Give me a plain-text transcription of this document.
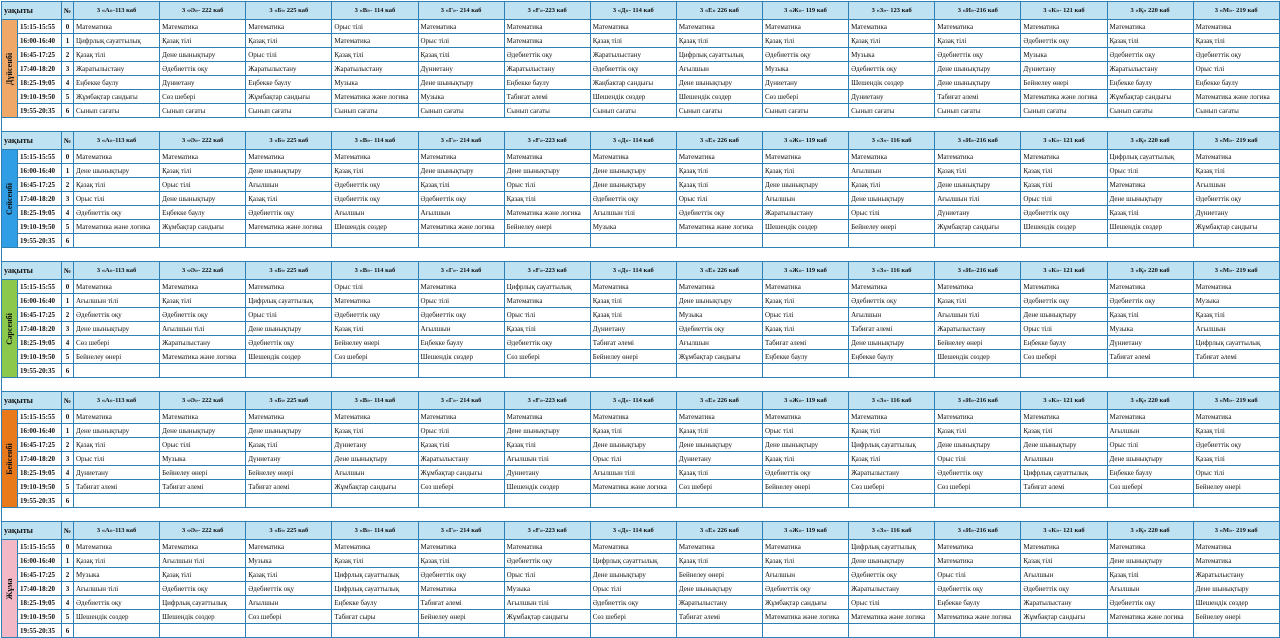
уақыты		№	3 «А»-113 каб	3 «Ә»- 222 каб	3 «Б» 225 каб	3 «В»- 114 каб	3 «Г»- 214 каб	3 «Ғ»-223 каб	3 «Д»- 114 каб	3 «Е» 226 каб	3 «Ж»- 119 каб	3 «З»- 123 каб	3 «И»-216 каб	3 «К»- 121 каб	3 «Қ» 220 каб	3 «М»- 219 каб

Дүйсенбі	15:15-15:55	0	Математика	Математика	Математика	Орыс тілі	Математика	Математика	Математика	Математика	Математика	Математика	Математика	Математика	Математика	Математика
	16:00-16:40	1	Цифрлық сауаттылық	Қазақ тілі	Қазақ тілі	Математика	Орыс тілі	Математика	Қазақ тілі	Қазақ тілі	Қазақ тілі	Қазақ тілі	Қазақ тілі	Әдебиеттік оқу	Қазақ тілі	Қазақ тілі
	16:45-17:25	2	Қазақ тілі	Дене шынықтыру	Орыс тілі	Қазақ тілі	Қазақ тілі	Әдебиеттік оқу	Жаратылыстану	Цифрлық сауаттылық	Әдебиеттік оқу	Музыка	Әдебиеттік оқу	Музыка	Әдебиеттік оқу	Әдебиеттік оқу
	17:40-18:20	3	Жаратылыстану	Әдебиеттік оқу	Жаратылыстану	Жаратылыстану	Дүниетану	Жаратылыстану	Әдебиеттік оқу	Ағылшын	Музыка	Әдебиеттік оқу	Дене шынықтыру	Дүниетану	Жаратылыстану	Орыс тілі
	18:25-19:05	4	Еңбекке баулу	Дүниетану	Еңбекке баулу	Музыка	Дене шынықтыру	Еңбекке баулу	Жаңбактар сандығы	Дене шынықтыру	Дүниетану	Шешендік сөздер	Дене шынықтыру	Бейнелеу өнері	Еңбекке баулу	Еңбекке баулу
	19:10-19:50	5	Жұмбақтар сандығы	Сөз шебері	Жұмбақтар сандығы	Математика және логика	Музыка	Табиғат әлемі	Шешендік сөздер	Шешендік сөздер	Сөз шебері	Дүниетану	Табиғат әлемі	Математика және логика	Жұмбақтар сандығы	Математика және логика
	19:55-20:35	6	Сынып сағаты	Сынып сағаты	Сынып сағаты	Сынып сағаты	Сынып сағаты	Сынып сағаты	Сынып сағаты	Сынып сағаты	Сынып сағаты	Сынып сағаты	Сынып сағаты	Сынып сағаты	Сынып сағаты	Сынып сағаты

уақыты		№	3 «А»-113 каб	3 «Ә»- 222 каб	3 «Б» 225 каб	3 «В»- 114 каб	3 «Г»- 214 каб	3 «Ғ»-223 каб	3 «Д»- 114 каб	3 «Е» 226 каб	3 «Ж»- 119 каб	3 «З»- 116 каб	3 «И»-216 каб	3 «К»- 121 каб	3 «Қ» 220 каб	3 «М»- 219 каб

Сейсенбі	15:15-15:55	0	Математика	Математика	Математика	Математика	Математика	Математика	Математика	Математика	Математика	Математика	Математика	Математика	Цифрлық сауаттылық	Математика
	16:00-16:40	1	Дене шынықтыру	Қазақ тілі	Дене шынықтыру	Қазақ тілі	Дене шынықтыру	Дене шынықтыру	Дене шынықтыру	Қазақ тілі	Қазақ тілі	Ағылшын	Қазақ тілі	Қазақ тілі	Орыс тілі	Қазақ тілі
	16:45-17:25	2	Қазақ тілі	Орыс тілі	Ағылшын	Әдебиеттік оқу	Қазақ тілі	Орыс тілі	Дене шынықтыру	Қазақ тілі	Дене шынықтыру	Қазақ тілі	Дене шынықтыру	Қазақ тілі	Математика	Ағылшын
	17:40-18:20	3	Орыс тілі	Дене шынықтыру	Қазақ тілі	Әдебиеттік оқу	Әдебиеттік оқу	Қазақ тілі	Әдебиеттік оқу	Орыс тілі	Ағылшын	Дене шынықтыру	Ағылшын тілі	Орыс тілі	Дене шынықтыру	Әдебиеттік оқу
	18:25-19:05	4	Әдебиеттік оқу	Еңбекке баулу	Әдебиеттік оқу	Ағылшын	Ағылшын	Математика және логика	Ағылшын тілі	Әдебиеттік оқу	Жаратылыстану	Орыс тілі	Дүниетану	Әдебиеттік оқу	Қазақ тілі	Дүниетану
	19:10-19:50	5	Математика және логика	Жұмбақтар сандығы	Математика және логика	Шешендік сөздер	Математика және логика	Бейнелеу өнері	Музыка	Математика және логика	Шешендік сөздер	Бейнелеу өнері	Жұмбақтар сандығы	Шешендік сөздер	Шешендік сөздер	Жұмбақтар сандығы
	19:55-20:35	6														

уақыты		№	3 «А»-113 каб	3 «Ә»- 222 каб	3 «Б» 225 каб	3 «В»- 114 каб	3 «Г»- 214 каб	3 «Ғ»-223 каб	3 «Д»- 114 каб	3 «Е» 226 каб	3 «Ж»- 119 каб	3 «З»- 116 каб	3 «И»-216 каб	3 «К»- 121 каб	3 «Қ» 220 каб	3 «М»- 219 каб

Сәрсенбі	15:15-15:55	0	Математика	Математика	Математика	Орыс тілі	Математика	Цифрлық сауаттылық	Математика	Математика	Математика	Математика	Математика	Математика	Математика	Математика
	16:00-16:40	1	Ағылшын тілі	Қазақ тілі	Цифрлық сауаттылық	Математика	Орыс тілі	Математика	Қазақ тілі	Дене шынықтыру	Қазақ тілі	Әдебиеттік оқу	Қазақ тілі	Әдебиеттік оқу	Әдебиеттік оқу	Музыка
	16:45-17:25	2	Әдебиеттік оқу	Әдебиеттік оқу	Орыс тілі	Әдебиеттік оқу	Әдебиеттік оқу	Орыс тілі	Қазақ тілі	Музыка	Орыс тілі	Ағылшын	Ағылшын тілі	Дене шынықтыру	Қазақ тілі	Қазақ тілі
	17:40-18:20	3	Дене шынықтыру	Ағылшын тілі	Дене шынықтыру	Қазақ тілі	Ағылшын	Қазақ тілі	Дүниетану	Әдебиеттік оқу	Қазақ тілі	Табиғат әлемі	Жаратылыстану	Орыс тілі	Музыка	Ағылшын
	18:25-19:05	4	Сөз шебері	Жаратылыстану	Әдебиеттік оқу	Бейнелеу өнері	Еңбекке баулу	Әдебиеттік оқу	Табиғат әлемі	Ағылшын	Табиғат әлемі	Дене шынықтыру	Бейнелеу өнері	Еңбекке баулу	Дүниетану	Цифрлық сауаттылық
	19:10-19:50	5	Бейнелеу өнері	Математика және логика	Шешендік сөздер	Сөз шебері	Шешендік сөздер	Сөз шебері	Бейнелеу өнері	Жұмбақтар сандығы	Еңбекке баулу	Еңбекке баулу	Шешендік сөздер	Сөз шебері	Табиғат әлемі	Табиғат әлемі
	19:55-20:35	6														

уақыты		№	3 «А»-113 каб	3 «Ә»- 222 каб	3 «Б» 225 каб	3 «В»- 114 каб	3 «Г»- 214 каб	3 «Ғ»-223 каб	3 «Д»- 114 каб	3 «Е» 226 каб	3 «Ж»- 119 каб	3 «З»- 116 каб	3 «И»-216 каб	3 «К»- 121 каб	3 «Қ» 220 каб	3 «М»- 219 каб

Бейсенбі	15:15-15:55	0	Математика	Математика	Математика	Математика	Математика	Математика	Математика	Математика	Математика	Математика	Математика	Математика	Математика	Математика
	16:00-16:40	1	Дене шынықтыру	Дене шынықтыру	Дене шынықтыру	Қазақ тілі	Орыс тілі	Дене шынықтыру	Қазақ тілі	Қазақ тілі	Орыс тілі	Қазақ тілі	Қазақ тілі	Қазақ тілі	Ағылшын	Қазақ тілі
	16:45-17:25	2	Қазақ тілі	Орыс тілі	Қазақ тілі	Дүниетану	Қазақ тілі	Қазақ тілі	Дене шынықтыру	Дене шынықтыру	Дене шынықтыру	Цифрлық сауаттылық	Дене шынықтыру	Дене шынықтыру	Орыс тілі	Әдебиеттік оқу
	17:40-18:20	3	Орыс тілі	Музыка	Дүниетану	Дене шынықтыру	Жаратылыстану	Ағылшын тілі	Орыс тілі	Дүниетану	Қазақ тілі	Қазақ тілі	Орыс тілі	Ағылшын	Дене шынықтыру	Қазақ тілі
	18:25-19:05	4	Дүниетану	Бейнелеу өнері	Бейнелеу өнері	Ағылшын	Жұмбақтар сандығы	Дүниетану	Ағылшын тілі	Қазақ тілі	Әдебиеттік оқу	Жаратылыстану	Әдебиеттік оқу	Цифрлық сауаттылық	Еңбекке баулу	Орыс тілі
	19:10-19:50	5	Табиғат әлемі	Табиғат әлемі	Табиғат әлемі	Жұмбақтар сандығы	Сөз шебері	Шешендік сөздер	Математика және логика	Сөз шебері	Бейнелеу өнері	Сөз шебері	Сөз шебері	Табиғат әлемі	Сөз шебері	Бейнелеу өнері
	19:55-20:35	6														

уақыты		№	3 «А»-113 каб	3 «Ә»- 222 каб	3 «Б» 225 каб	3 «В»- 114 каб	3 «Г»- 214 каб	3 «Ғ»-223 каб	3 «Д»- 114 каб	3 «Е» 226 каб	3 «Ж»- 119 каб	3 «З»- 116 каб	3 «И»-216 каб	3 «К»- 121 каб	3 «Қ» 220 каб	3 «М»- 219 каб

Жұма	15:15-15:55	0	Математика	Математика	Математика	Математика	Математика	Математика	Математика	Математика	Математика	Цифрлық сауаттылық	Математика	Математика	Математика	Математика
	16:00-16:40	1	Қазақ тілі	Ағылшын тілі	Музыка	Қазақ тілі	Қазақ тілі	Әдебиеттік оқу	Цифрлық сауаттылық	Қазақ тілі	Қазақ тілі	Дене шынықтыру	Математика	Қазақ тілі	Дене шынықтыру	Математика
	16:45-17:25	2	Музыка	Қазақ тілі	Қазақ тілі	Цифрлық сауаттылық	Әдебиеттік оқу	Орыс тілі	Дене шынықтыру	Бейнелеу өнері	Ағылшын	Әдебиеттік оқу	Орыс тілі	Ағылшын	Қазақ тілі	Жаратылыстану
	17:40-18:20	3	Ағылшын тілі	Әдебиеттік оқу	Әдебиеттік оқу	Цифрлық сауаттылық	Математика	Музыка	Орыс тілі	Дене шынықтыру	Әдебиеттік оқу	Жаратылыстану	Әдебиеттік оқу	Әдебиеттік оқу	Ағылшын	Дене шынықтыру
	18:25-19:05	4	Әдебиеттік оқу	Цифрлық сауаттылық	Ағылшын	Еңбекке баулу	Табиғат әлемі	Ағылшын тілі	Әдебиеттік оқу	Жаратылыстану	Жұмбақтар сандығы	Орыс тілі	Еңбекке баулу	Жаратылыстану	Әдебиеттік оқу	Шешендік сөздер
	19:10-19:50	5	Шешендік сөздер	Шешендік сөздер	Сөз шебері	Табиғат сыры	Бейнелеу өнері	Жұмбақтар сандығы	Сөз шебері	Табиғат әлемі	Математика және логика	Математика және логика	Математика және логика	Жұмбақтар сандығы	Математика және логика	Бейнелеу өнері
	19:55-20:35	6														
